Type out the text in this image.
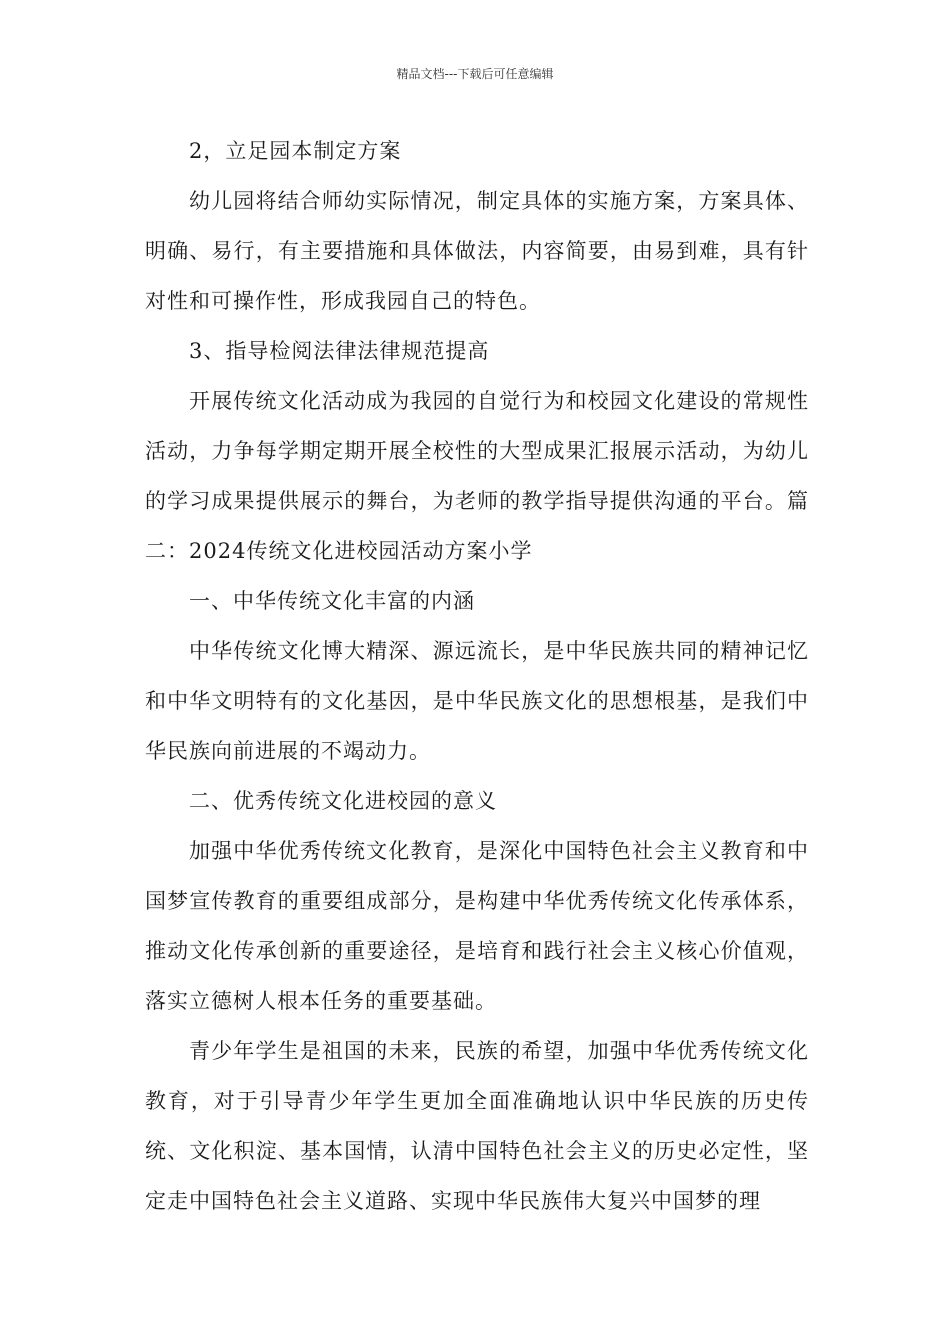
精品文档---下载后可任意编辑

2，立足园本制定方案

幼儿园将结合师幼实际情况，制定具体的实施方案，方案具体、明确、易行，有主要措施和具体做法，内容简要，由易到难，具有针对性和可操作性，形成我园自己的特色。

3、指导检阅法律法律规范提高

开展传统文化活动成为我园的自觉行为和校园文化建设的常规性活动，力争每学期定期开展全校性的大型成果汇报展示活动，为幼儿的学习成果提供展示的舞台，为老师的教学指导提供沟通的平台。篇二：2024传统文化进校园活动方案小学

一、中华传统文化丰富的内涵

中华传统文化博大精深、源远流长，是中华民族共同的精神记忆和中华文明特有的文化基因，是中华民族文化的思想根基，是我们中华民族向前进展的不竭动力。

二、优秀传统文化进校园的意义

加强中华优秀传统文化教育，是深化中国特色社会主义教育和中国梦宣传教育的重要组成部分，是构建中华优秀传统文化传承体系，推动文化传承创新的重要途径，是培育和践行社会主义核心价值观，落实立德树人根本任务的重要基础。

青少年学生是祖国的未来，民族的希望，加强中华优秀传统文化教育，对于引导青少年学生更加全面准确地认识中华民族的历史传统、文化积淀、基本国情，认清中国特色社会主义的历史必定性，坚定走中国特色社会主义道路、实现中华民族伟大复兴中国梦的理
